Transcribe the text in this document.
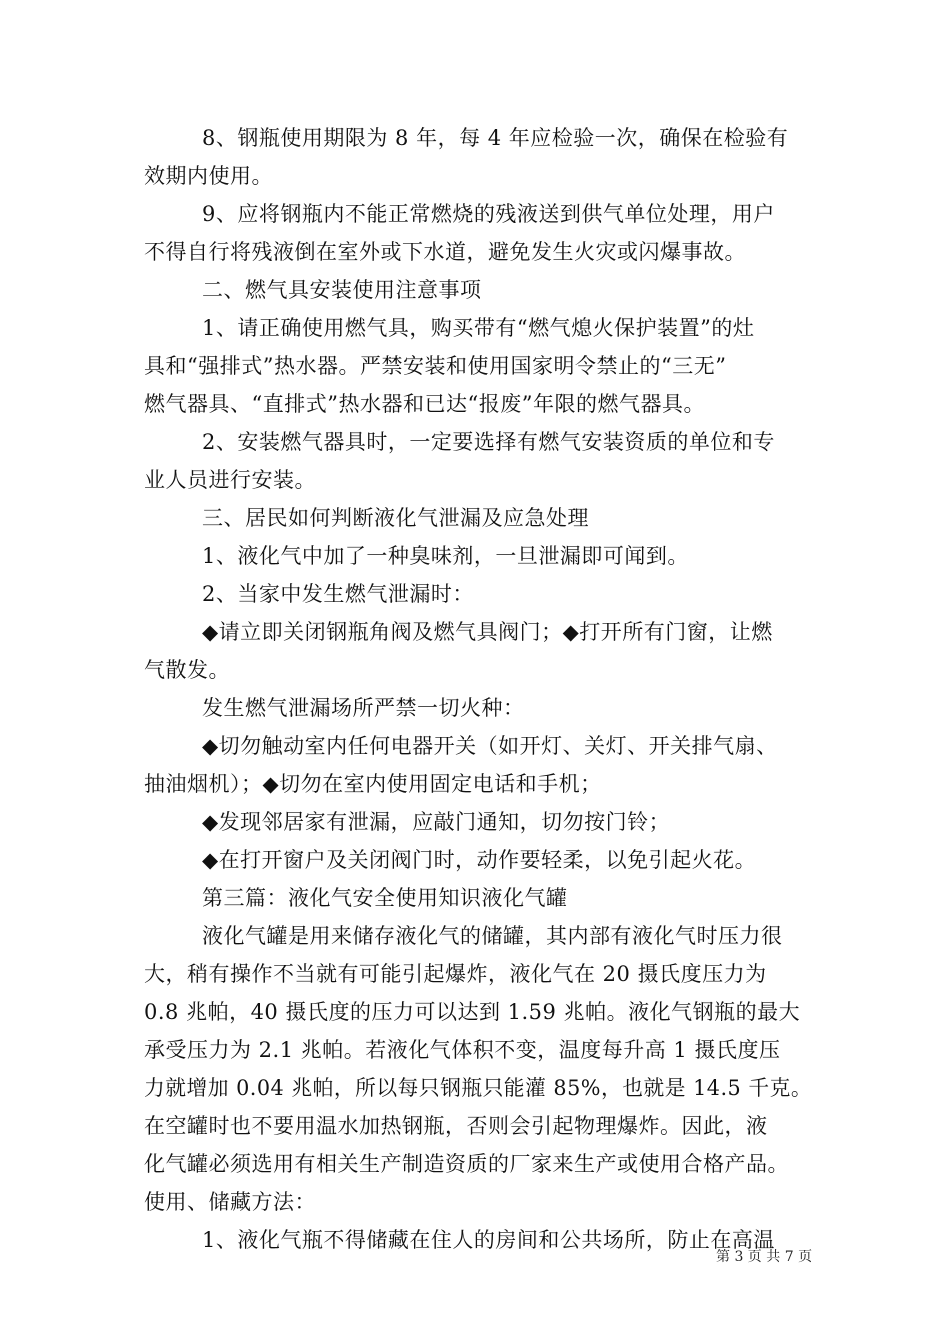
8、钢瓶使用期限为 8 年，每 4 年应检验一次，确保在检验有
效期内使用。
9、应将钢瓶内不能正常燃烧的残液送到供气单位处理，用户
不得自行将残液倒在室外或下水道，避免发生火灾或闪爆事故。
二、燃气具安装使用注意事项
1、请正确使用燃气具，购买带有“燃气熄火保护装置”的灶
具和“强排式”热水器。严禁安装和使用国家明令禁止的“三无”
燃气器具、“直排式”热水器和已达“报废”年限的燃气器具。
2、安装燃气器具时，一定要选择有燃气安装资质的单位和专
业人员进行安装。
三、居民如何判断液化气泄漏及应急处理
1、液化气中加了一种臭味剂，一旦泄漏即可闻到。
2、当家中发生燃气泄漏时：
◆请立即关闭钢瓶角阀及燃气具阀门；◆打开所有门窗，让燃
气散发。
发生燃气泄漏场所严禁一切火种：
◆切勿触动室内任何电器开关（如开灯、关灯、开关排气扇、
抽油烟机）；◆切勿在室内使用固定电话和手机；
◆发现邻居家有泄漏，应敲门通知，切勿按门铃；
◆在打开窗户及关闭阀门时，动作要轻柔，以免引起火花。
第三篇：液化气安全使用知识液化气罐
液化气罐是用来储存液化气的储罐，其内部有液化气时压力很
大，稍有操作不当就有可能引起爆炸，液化气在 20 摄氏度压力为
0.8 兆帕，40 摄氏度的压力可以达到 1.59 兆帕。液化气钢瓶的最大
承受压力为 2.1 兆帕。若液化气体积不变，温度每升高 1 摄氏度压
力就增加 0.04 兆帕，所以每只钢瓶只能灌 85%，也就是 14.5 千克。
在空罐时也不要用温水加热钢瓶，否则会引起物理爆炸。因此，液
化气罐必须选用有相关生产制造资质的厂家来生产或使用合格产品。
使用、储藏方法：
1、液化气瓶不得储藏在住人的房间和公共场所，防止在高温
第 3 页 共 7 页
